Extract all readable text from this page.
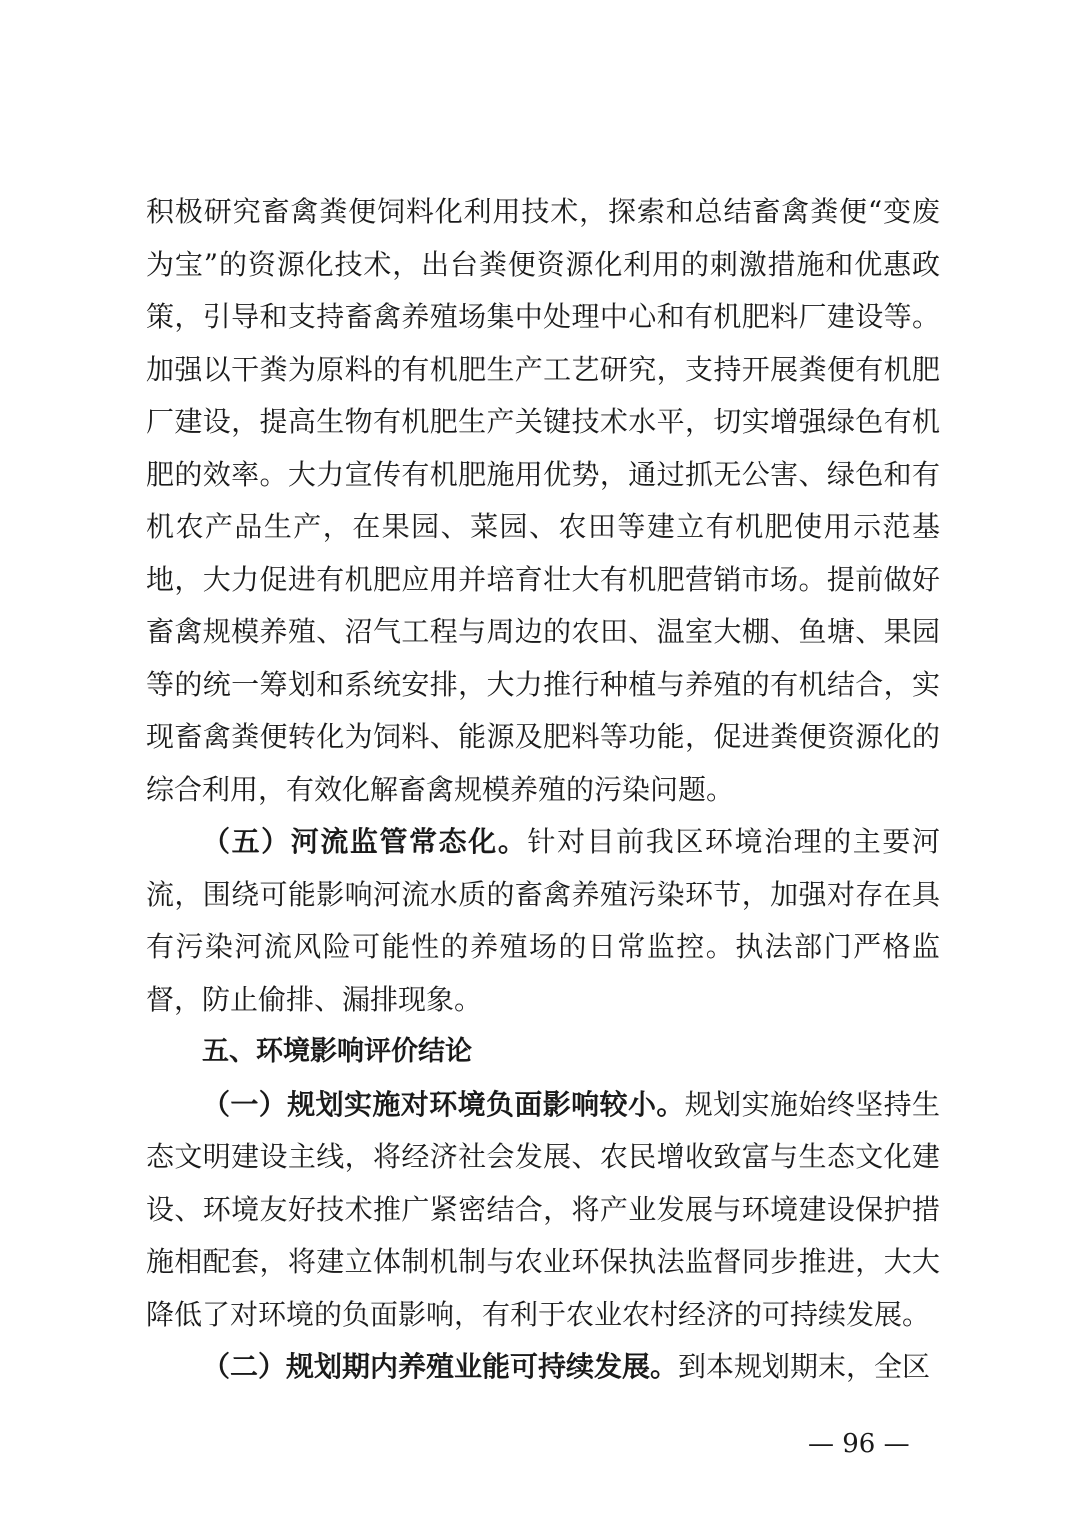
积极研究畜禽粪便饲料化利用技术，探索和总结畜禽粪便“变废为宝”的资源化技术，出台粪便资源化利用的刺激措施和优惠政策，引导和支持畜禽养殖场集中处理中心和有机肥料厂建设等。加强以干粪为原料的有机肥生产工艺研究，支持开展粪便有机肥厂建设，提高生物有机肥生产关键技术水平，切实增强绿色有机肥的效率。大力宣传有机肥施用优势，通过抓无公害、绿色和有机农产品生产，在果园、菜园、农田等建立有机肥使用示范基地，大力促进有机肥应用并培育壮大有机肥营销市场。提前做好畜禽规模养殖、沼气工程与周边的农田、温室大棚、鱼塘、果园等的统一筹划和系统安排，大力推行种植与养殖的有机结合，实现畜禽粪便转化为饲料、能源及肥料等功能，促进粪便资源化的综合利用，有效化解畜禽规模养殖的污染问题。

（五）河流监管常态化。针对目前我区环境治理的主要河流，围绕可能影响河流水质的畜禽养殖污染环节，加强对存在具有污染河流风险可能性的养殖场的日常监控。执法部门严格监督，防止偷排、漏排现象。

五、环境影响评价结论

（一）规划实施对环境负面影响较小。规划实施始终坚持生态文明建设主线，将经济社会发展、农民增收致富与生态文化建设、环境友好技术推广紧密结合，将产业发展与环境建设保护措施相配套，将建立体制机制与农业环保执法监督同步推进，大大降低了对环境的负面影响，有利于农业农村经济的可持续发展。

（二）规划期内养殖业能可持续发展。到本规划期末，全区

— 96 —
